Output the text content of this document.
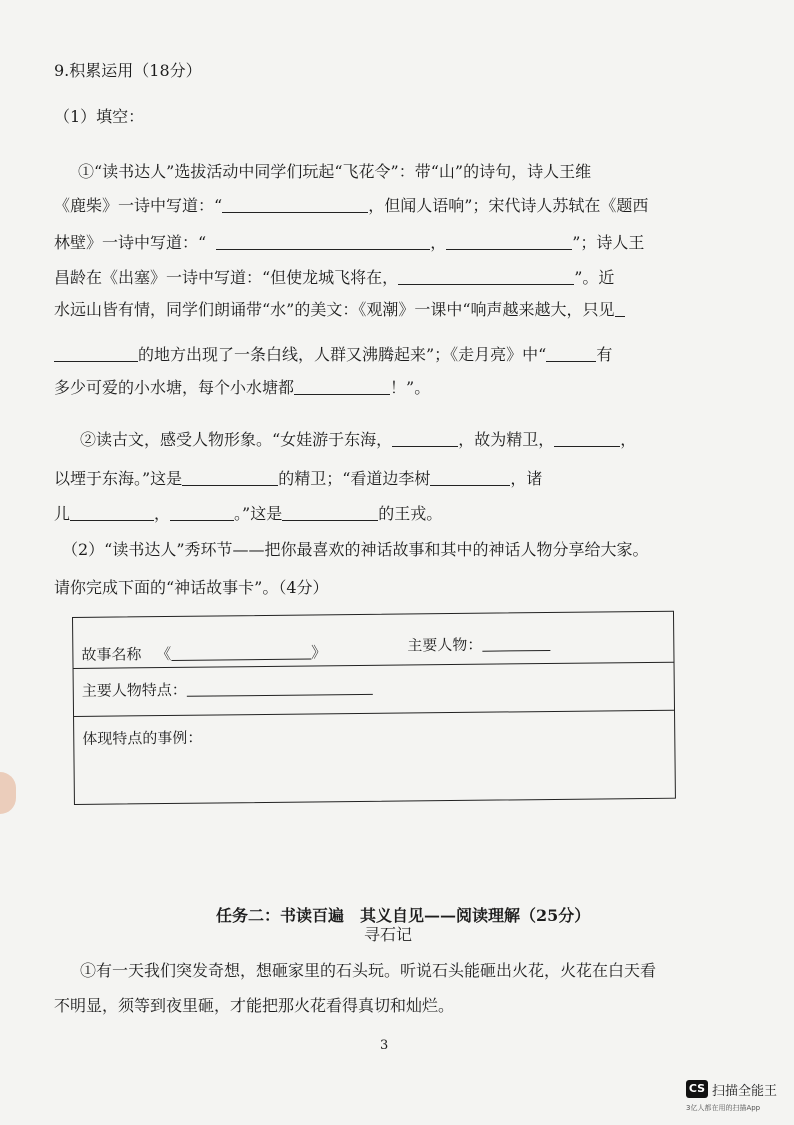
9.积累运用（18分）
（1）填空：
①“读书达人”选拔活动中同学们玩起“飞花令”：带“山”的诗句，诗人王维
《鹿柴》一诗中写道：“	，但闻人语响”；宋代诗人苏轼在《题西
林壁》一诗中写道：“	，	”；诗人王
昌龄在《出塞》一诗中写道：“但使龙城飞将在，	”。近
水远山皆有情，同学们朗诵带“水”的美文：《观潮》一课中“响声越来越大，只见
的地方出现了一条白线，人群又沸腾起来”；《走月亮》中“	有
多少可爱的小水塘，每个小水塘都	！”。
②读古文，感受人物形象。“女娃游于东海，	，故为精卫，	，
以堙于东海。”这是	的精卫；“看道边李树	，诸
儿	，	。”这是	的王戎。
（2）“读书达人”秀环节——把你最喜欢的神话故事和其中的神话人物分享给大家。
请你完成下面的“神话故事卡”。（4分）
故事名称 《	》	主要人物：
主要人物特点：
体现特点的事例：
任务二：书读百遍　其义自见——阅读理解（25分）
寻石记
①有一天我们突发奇想，想砸家里的石头玩。听说石头能砸出火花，火花在白天看
不明显，须等到夜里砸，才能把那火花看得真切和灿烂。
3
CS 扫描全能王
3亿人都在用的扫描App
